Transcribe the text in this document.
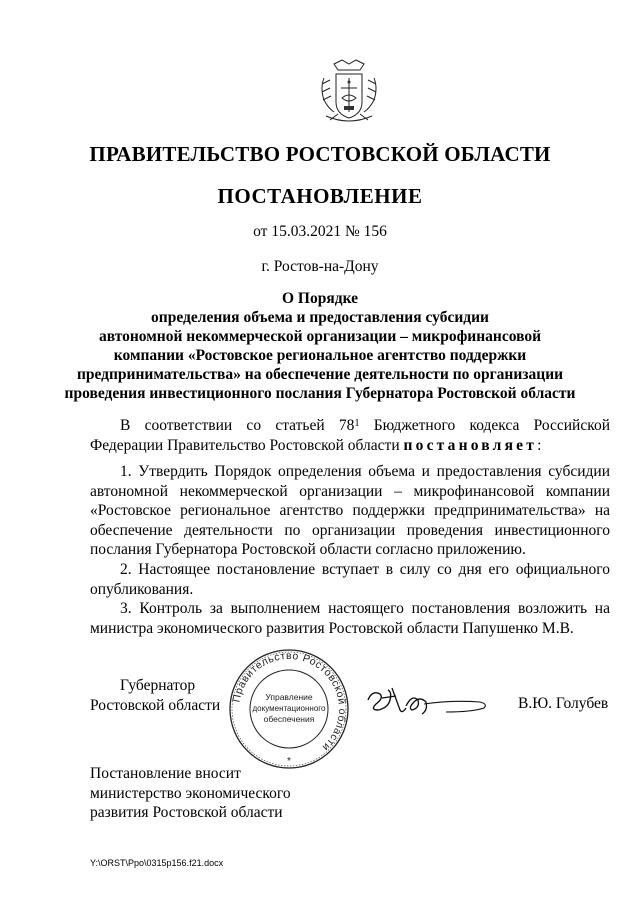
ПРАВИТЕЛЬСТВО РОСТОВСКОЙ ОБЛАСТИ
ПОСТАНОВЛЕНИЕ
от 15.03.2021 № 156
г. Ростов-на-Дону
О Порядке
определения объема и предоставления субсидии
автономной некоммерческой организации – микрофинансовой
компании «Ростовское региональное агентство поддержки
предпринимательства» на обеспечение деятельности по организации
проведения инвестиционного послания Губернатора Ростовской области
В соответствии со статьей $78^1$ Бюджетного кодекса Российской Федерации Правительство Ростовской области постановляет:

1. Утвердить Порядок определения объема и предоставления субсидии автономной некоммерческой организации – микрофинансовой компании «Ростовское региональное агентство поддержки предпринимательства» на обеспечение деятельности по организации проведения инвестиционного послания Губернатора Ростовской области согласно приложению.

2. Настоящее постановление вступает в силу со дня его официального опубликования.

3. Контроль за выполнением настоящего постановления возложить на министра экономического развития Ростовской области Папушенко М.В.

Губернатор
Ростовской области Правительство Ростовской области
Управление
документационного
обеспечения
*
В.Ю. Голубев
Постановление вносит
министерство экономического
развития Ростовской области
Y:\ORST\Ppo\0315p156.f21.docx
